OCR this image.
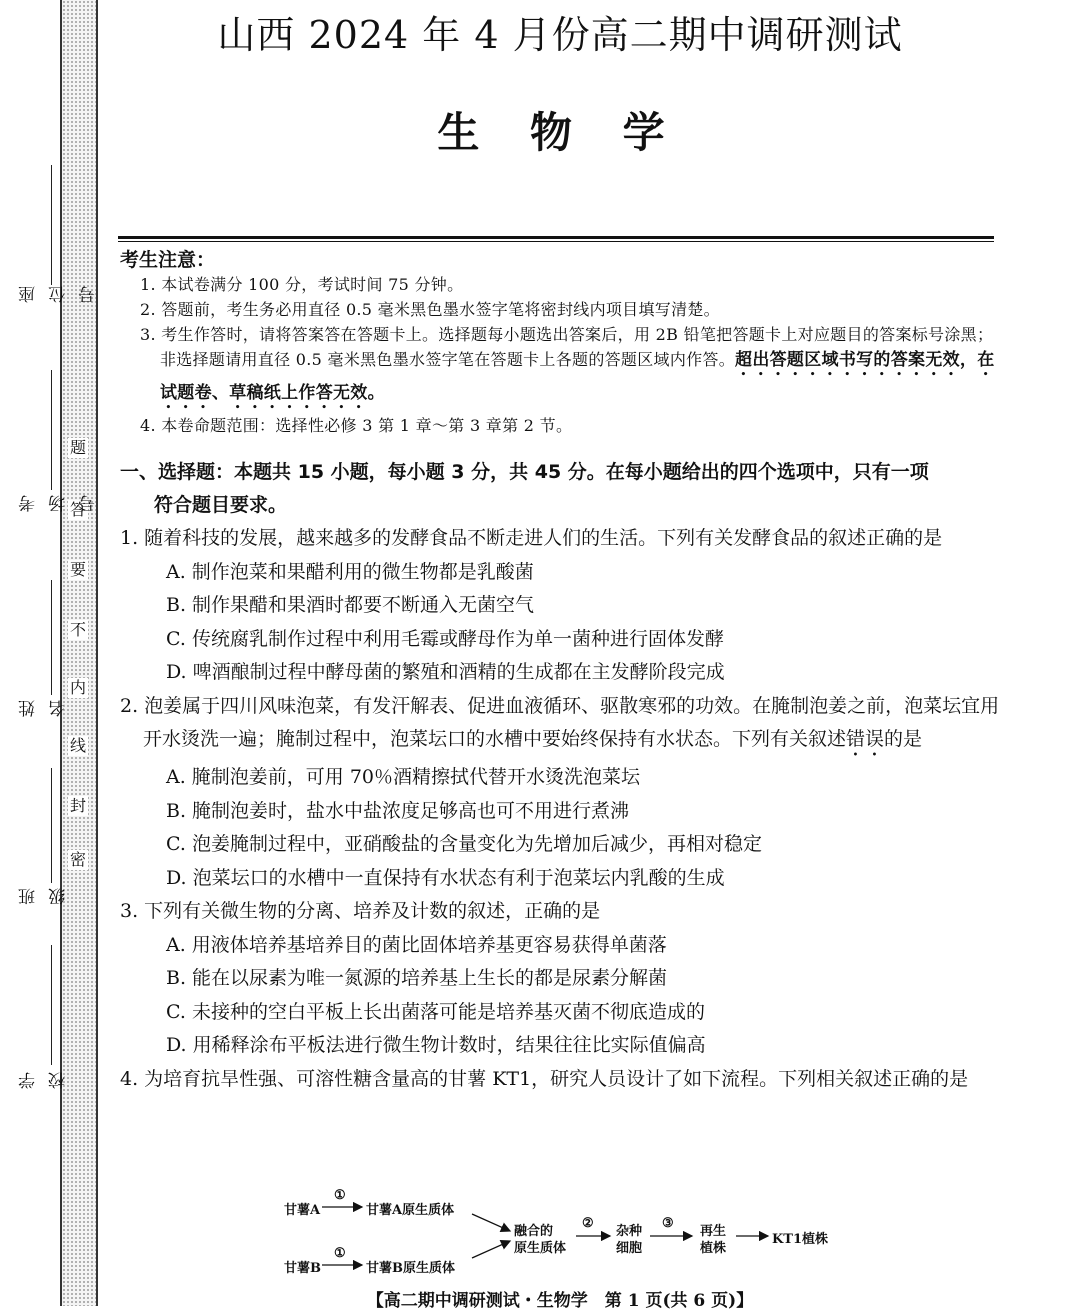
题
答
要
不
内
线
封
密
座位号
考场号
姓名
班级
学校
山西 2024 年 4 月份高二期中调研测试
生 物 学
考生注意：
1. 本试卷满分 100 分，考试时间 75 分钟。
2. 答题前，考生务必用直径 0.5 毫米黑色墨水签字笔将密封线内项目填写清楚。
3. 考生作答时，请将答案答在答题卡上。选择题每小题选出答案后，用 2B 铅笔把答题卡上对应题目的答案标号涂黑；非选择题请用直径 0.5 毫米黑色墨水签字笔在答题卡上各题的答题区域内作答。超出答题区域书写的答案无效，在试题卷、草稿纸上作答无效。
4. 本卷命题范围：选择性必修 3 第 1 章～第 3 章第 2 节。
一、选择题：本题共 15 小题，每小题 3 分，共 45 分。在每小题给出的四个选项中，只有一项
符合题目要求。
1. 随着科技的发展，越来越多的发酵食品不断走进人们的生活。下列有关发酵食品的叙述正确的是
A. 制作泡菜和果醋利用的微生物都是乳酸菌
B. 制作果醋和果酒时都要不断通入无菌空气
C. 传统腐乳制作过程中利用毛霉或酵母作为单一菌种进行固体发酵
D. 啤酒酿制过程中酵母菌的繁殖和酒精的生成都在主发酵阶段完成
2. 泡姜属于四川风味泡菜，有发汗解表、促进血液循环、驱散寒邪的功效。在腌制泡姜之前，泡菜坛宜用开水烫洗一遍；腌制过程中，泡菜坛口的水槽中要始终保持有水状态。下列有关叙述错误的是
A. 腌制泡姜前，可用 70％酒精擦拭代替开水烫洗泡菜坛
B. 腌制泡姜时，盐水中盐浓度足够高也可不用进行煮沸
C. 泡姜腌制过程中，亚硝酸盐的含量变化为先增加后减少，再相对稳定
D. 泡菜坛口的水槽中一直保持有水状态有利于泡菜坛内乳酸的生成
3. 下列有关微生物的分离、培养及计数的叙述，正确的是
A. 用液体培养基培养目的菌比固体培养基更容易获得单菌落
B. 能在以尿素为唯一氮源的培养基上生长的都是尿素分解菌
C. 未接种的空白平板上长出菌落可能是培养基灭菌不彻底造成的
D. 用稀释涂布平板法进行微生物计数时，结果往往比实际值偏高
4. 为培育抗旱性强、可溶性糖含量高的甘薯 KT1，研究人员设计了如下流程。下列相关叙述正确的是
甘薯A
①
甘薯A原生质体
甘薯B
①
甘薯B原生质体
融合的
原生质体
②
杂种
细胞
③
再生
植株
KT1植株
【高二期中调研测试・生物学　第 1 页(共 6 页)】
